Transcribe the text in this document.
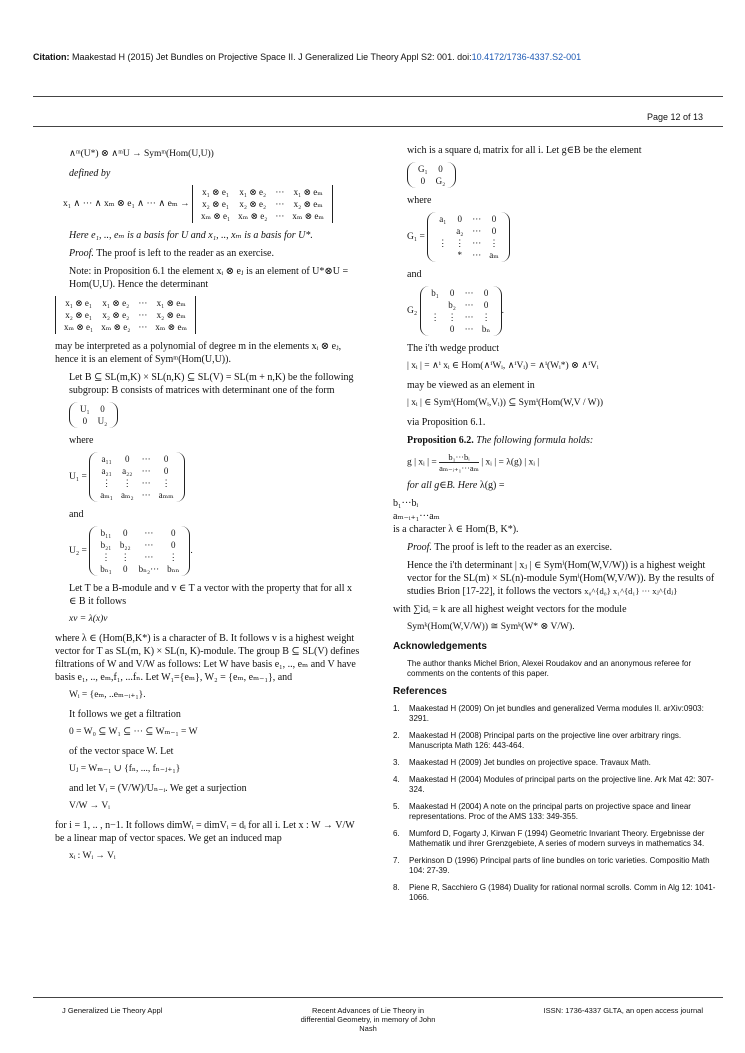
Citation: Maakestad H (2015) Jet Bundles on Projective Space II. J Generalized Lie Theory Appl S2: 001. doi:10.4172/1736-4337.S2-001
Page 12 of 13
∧ᵐ(U*) ⊗ ∧ᵐU → Symᵐ(Hom(U,U))

defined by

x₁ ∧ ··· ∧ xₘ ⊗ e₁ ∧ ··· ∧ eₘ →
x₁ ⊗ e₁	x₁ ⊗ e₂	···	x₁ ⊗ eₘ
x₂ ⊗ e₁	x₂ ⊗ e₂	···	x₂ ⊗ eₘ
xₘ ⊗ e₁	xₘ ⊗ e₂	···	xₘ ⊗ eₘ

Here e₁, .., eₘ is a basis for U and x₁, .., xₘ is a basis for U*.

Proof. The proof is left to the reader as an exercise.

Note: in Proposition 6.1 the element xᵢ ⊗ eⱼ is an element of U*⊗U = Hom(U,U). Hence the determinant

x₁ ⊗ e₁	x₁ ⊗ e₂	···	x₁ ⊗ eₘ
x₂ ⊗ e₁	x₂ ⊗ e₂	···	x₂ ⊗ eₘ
xₘ ⊗ e₁	xₘ ⊗ e₂	···	xₘ ⊗ eₘ

may be interpreted as a polynomial of degree m in the elements xᵢ ⊗ eⱼ, hence it is an element of Symᵐ(Hom(U,U)).

Let B ⊆ SL(m,K) × SL(n,K) ⊆ SL(V) = SL(m + n,K) be the following subgroup: B consists of matrices with determinant one of the form

U₁	0
0	U₂

where

U₁ =
a₁₁	0	···	0
a₂₁	a₂₂	···	0
⋮	⋮	···	⋮
aₘ₁	aₘ₂	···	aₘₘ

and

U₂ =
b₁₁	0	···	0
b₂₁	b₂₂	···	0
⋮	⋮	···	⋮
bₙ₁	0	bₙ₂···	bₙₙ
.

Let T be a B-module and v ∈ T a vector with the property that for all x ∈ B it follows

xv = λ(x)v

where λ ∈ (Hom(B,K*) is a character of B. It follows v is a highest weight vector for T as SL(m, K) × SL(n, K)-module. The group B ⊆ SL(V) defines filtrations of W and V/W as follows: Let W have basis e₁, .., eₘ and V have basis e₁, .., eₘ,f₁, ...fₙ. Let W₁={eₘ}, W₂ = {eₘ, eₘ₋₁}, and

Wᵢ = {eₘ, ..eₘ₋ᵢ₊₁}.

It follows we get a filtration

0 = W₀ ⊆ W₁ ⊆ ··· ⊆ Wₘ₋₁ = W

of the vector space W. Let

Uⱼ = Wₘ₋₁ ∪ {fₙ, ..., fₙ₋ⱼ₊₁}

and let Vᵢ = (V/W)/Uₙ₋ᵢ. We get a surjection

V/W → Vᵢ

for i = 1, .. , n−1. It follows dimWᵢ = dimVᵢ = dᵢ for all i. Let x : W → V/W be a linear map of vector spaces. We get an induced map

xᵢ : Wᵢ → Vᵢ

wich is a square dᵢ matrix for all i. Let g∈B be the element

G₁	0
0	G₂

where

G₁ =
a₁	0	···	0
	a₂	···	0
⋮	⋮	···	⋮
	*	···	aₘ

and

G₂
b₁	0	···	0
	b₂	···	0
⋮	⋮	···	⋮
	0	···	bₙ
.

The i'th wedge product

| xᵢ | = ∧ⁱ xᵢ ∈ Hom(∧ⁱWᵢ, ∧ⁱVᵢ) = ∧ⁱ(Wᵢ*) ⊗ ∧ⁱVᵢ

may be viewed as an element in

| xᵢ | ∈ Symⁱ(Hom(Wᵢ,Vᵢ)) ⊆ Symⁱ(Hom(W,V / W))

via Proposition 6.1.

Proposition 6.2. The following formula holds:

g | xᵢ | = $\frac{\text{b₁···bᵢ}}{\text{aₘ₋ᵢ₊₁···aₘ}}$ | xᵢ | = λ(g) | xᵢ |

for all g∈B. Here λ(g) =

b₁···bᵢ
aₘ₋ᵢ₊₁···aₘ
is a character λ ∈ Hom(B, K*).

Proof. The proof is left to the reader as an exercise.

Hence the i'th determinant | xⱼ | ∈ Symⁱ(Hom(W,V/W)) is a highest weight vector for the SL(m) × SL(n)-module Symⁱ(Hom(W,V/W)). By the results of studies Brion [17-22], it follows the vectors x₀^{d₀} x₁^{d₁} ··· xⱼ^{dⱼ}

with ∑idᵢ = k are all highest weight vectors for the module

Symᵏ(Hom(W,V/W)) ≅ Symᵏ(W* ⊗ V/W).
Acknowledgements

The author thanks Michel Brion, Alexei Roudakov and an anonymous referee for comments on the contents of this paper.

References
1.	Maakestad H (2009) On jet bundles and generalized Verma modules II. arXiv:0903: 3291.
2.	Maakestad H (2008) Principal parts on the projective line over arbitrary rings. Manuscripta Math 126: 443-464.
3.	Maakestad H (2009) Jet bundles on projective space. Travaux Math.
4.	Maakestad H (2004) Modules of principal parts on the projective line. Ark Mat 42: 307-324.
5.	Maakestad H (2004) A note on the principal parts on projective space and linear representations. Proc of the AMS 133: 349-355.
6.	Mumford D, Fogarty J, Kirwan F (1994) Geometric Invariant Theory. Ergebnisse der Mathematik und ihrer Grenzgebiete, A series of modern surveys in mathematics 34.
7.	Perkinson D (1996) Principal parts of line bundles on toric varieties. Compositio Math 104: 27-39.
8.	Piene R, Sacchiero G (1984) Duality for rational normal scrolls. Comm in Alg 12: 1041-1066.
J Generalized Lie Theory Appl	Recent Advances of Lie Theory in differential Geometry, in memory of John Nash
ISSN: 1736-4337 GLTA, an open access journal
